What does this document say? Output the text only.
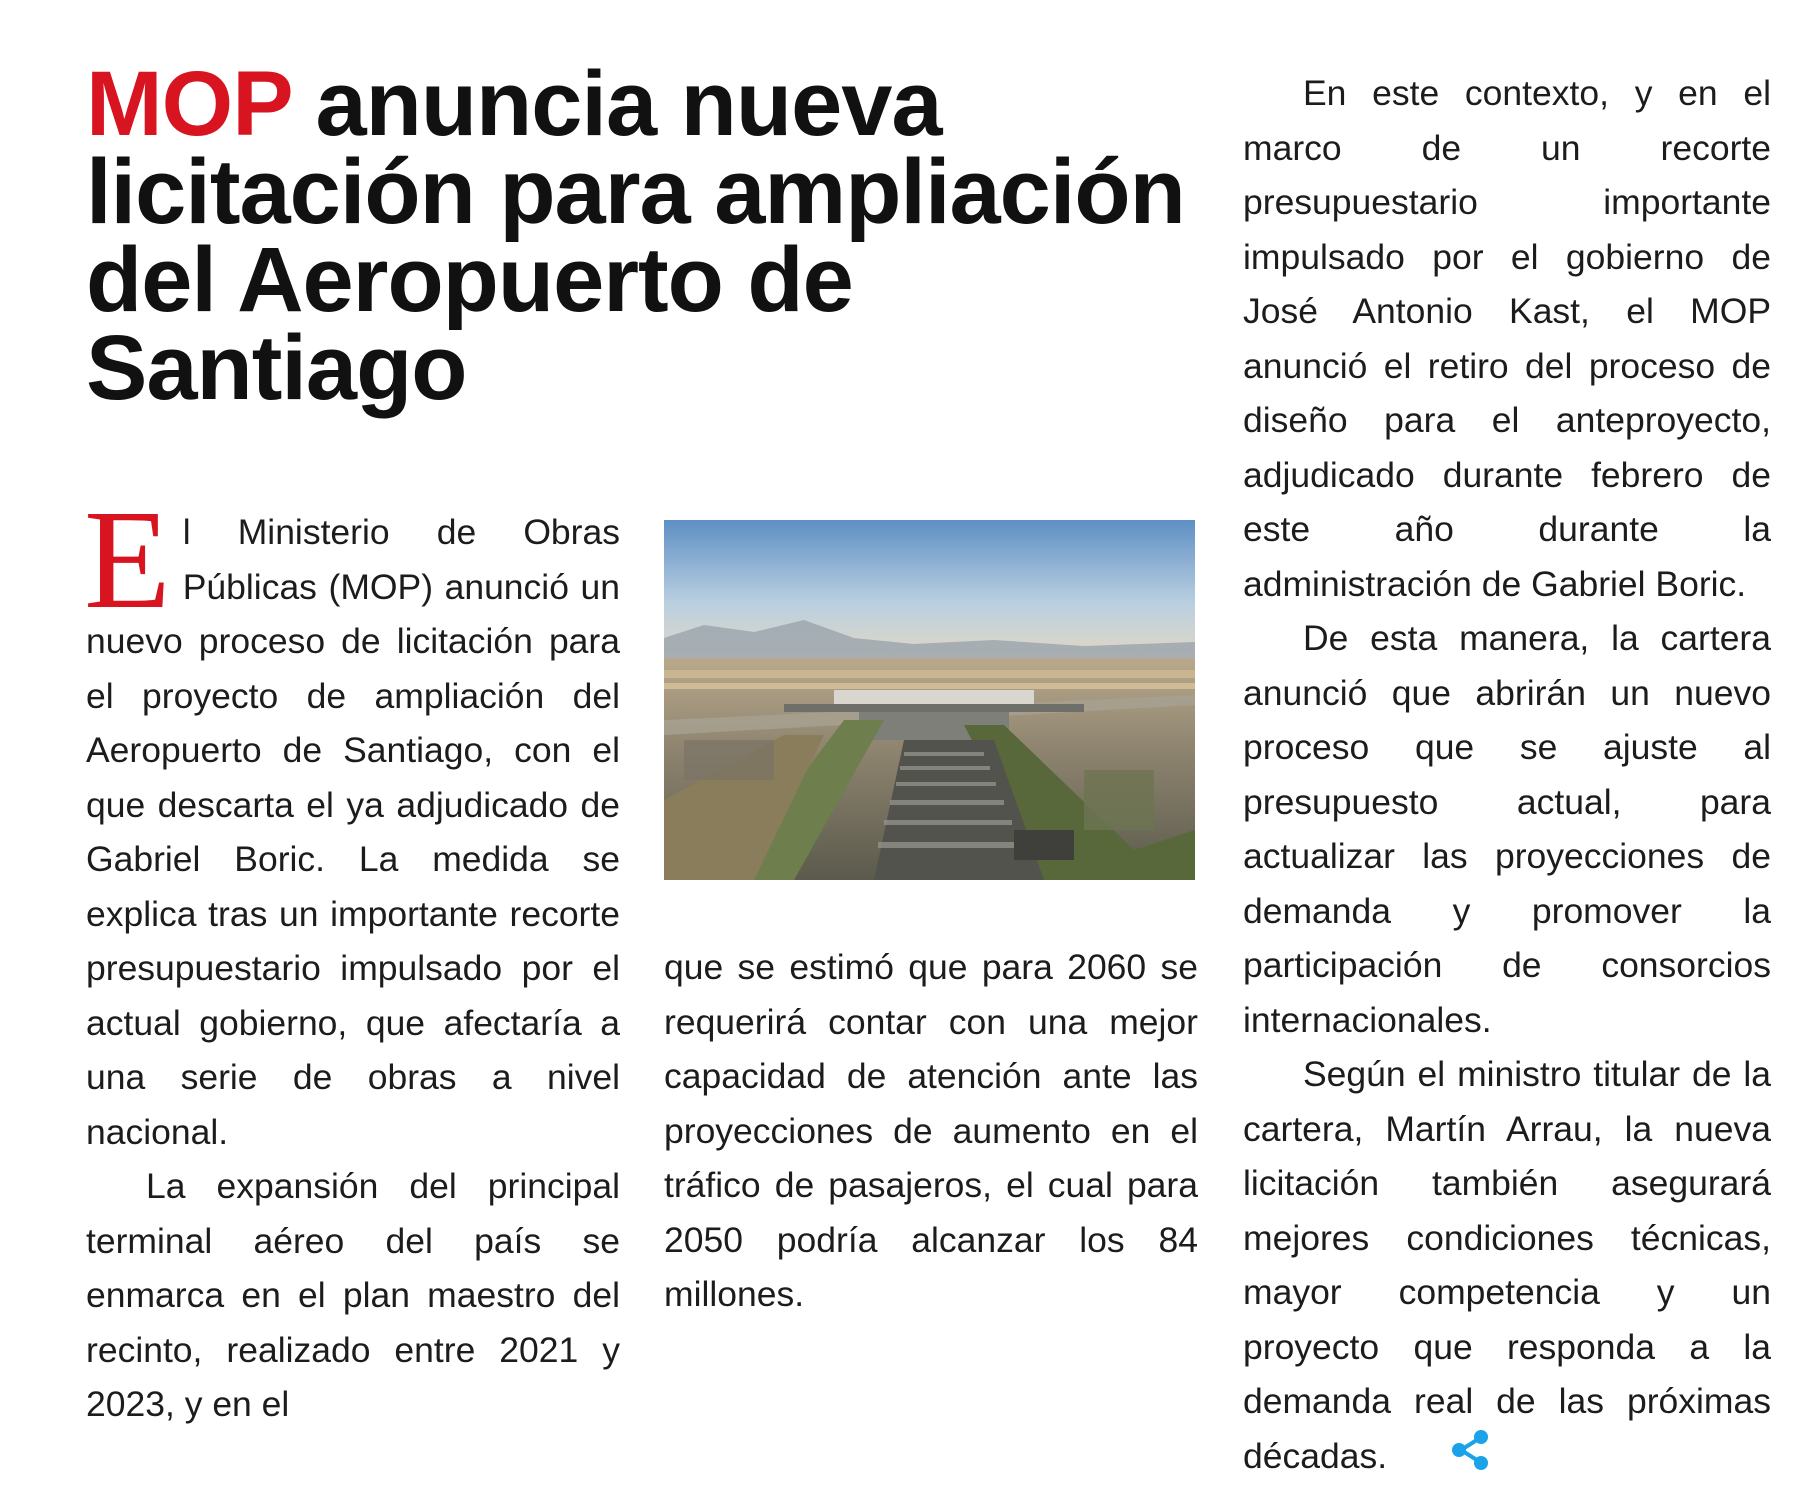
MOP anuncia nueva licitación para ampliación del Aeropuerto de Santiago

El Ministerio de Obras Públicas (MOP) anunció un nuevo proceso de licitación para el proyecto de ampliación del Aeropuerto de Santiago, con el que descarta el ya adjudicado de Gabriel Boric. La medida se explica tras un importante recorte presupuestario impulsado por el actual gobierno, que afectaría a una serie de obras a nivel nacional.

La expansión del principal terminal aéreo del país se enmarca en el plan maestro del recinto, realizado entre 2021 y 2023, y en el

que se estimó que para 2060 se requerirá contar con una mejor capacidad de atención ante las proyecciones de aumento en el tráfico de pasajeros, el cual para 2050 podría alcanzar los 84 millones.

En este contexto, y en el marco de un recorte presupuestario importante impulsado por el gobierno de José Antonio Kast, el MOP anunció el retiro del proceso de diseño para el anteproyecto, adjudicado durante febrero de este año durante la administración de Gabriel Boric.

De esta manera, la cartera anunció que abrirán un nuevo proceso que se ajuste al presupuesto actual, para actualizar las proyecciones de demanda y promover la participación de consorcios internacionales.

Según el ministro titular de la cartera, Martín Arrau, la nueva licitación también asegurará mejores condiciones técnicas, mayor competencia y un proyecto que responda a la demanda real de las próximas décadas.
